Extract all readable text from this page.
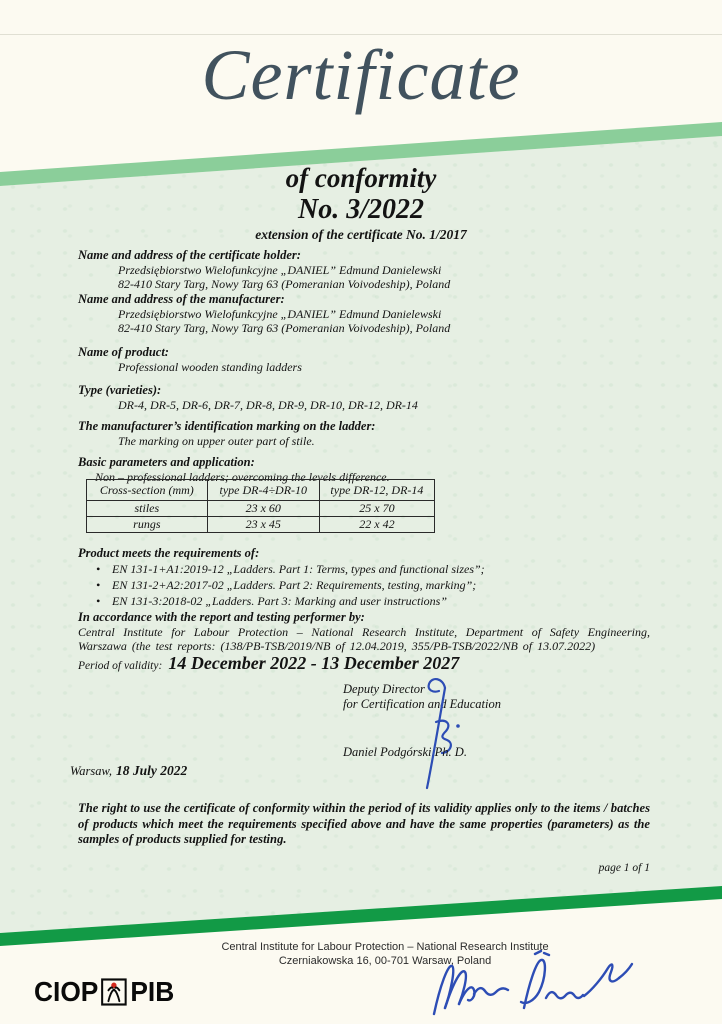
Certificate
of conformity
No. 3/2022
extension of the certificate No. 1/2017
Name and address of the certificate holder:
Przedsiębiorstwo Wielofunkcyjne „DANIEL” Edmund Danielewski
82-410 Stary Targ, Nowy Targ 63 (Pomeranian Voivodeship), Poland
Name and address of the manufacturer:
Przedsiębiorstwo Wielofunkcyjne „DANIEL” Edmund Danielewski
82-410 Stary Targ, Nowy Targ 63 (Pomeranian Voivodeship), Poland
Name of product:
Professional wooden standing ladders
Type (varieties):
DR-4, DR-5, DR-6, DR-7, DR-8, DR-9, DR-10, DR-12, DR-14
The manufacturer’s identification marking on the ladder:
The marking on upper outer part of stile.
Basic parameters and application:
Non – professional ladders; overcoming the levels difference.
Cross-section (mm)	type DR-4÷DR-10	type DR-12, DR-14
stiles	23 x 60	25 x 70
rungs	23 x 45	22 x 42
Product meets the requirements of:
• EN 131-1+A1:2019-12 „Ladders. Part 1: Terms, types and functional sizes”;
• EN 131-2+A2:2017-02 „Ladders. Part 2: Requirements, testing, marking”;
• EN 131-3:2018-02 „Ladders. Part 3: Marking and user instructions”
In accordance with the report and testing performer by:
Central Institute for Labour Protection – National Research Institute, Department of Safety Engineering, Warszawa (the test reports: (138/PB-TSB/2019/NB of 12.04.2019, 355/PB-TSB/2022/NB of 13.07.2022)
Period of validity: 14 December 2022 - 13 December 2027
Deputy Director
for Certification and Education
Daniel Podgórski Ph. D.
Warsaw, 18 July 2022
The right to use the certificate of conformity within the period of its validity applies only to the items / batches of products which meet the requirements specified above and have the same properties (parameters) as the samples of products supplied for testing.
page 1 of 1
Central Institute for Labour Protection – National Research Institute
Czerniakowska 16, 00-701 Warsaw, Poland
CIOP PIB
